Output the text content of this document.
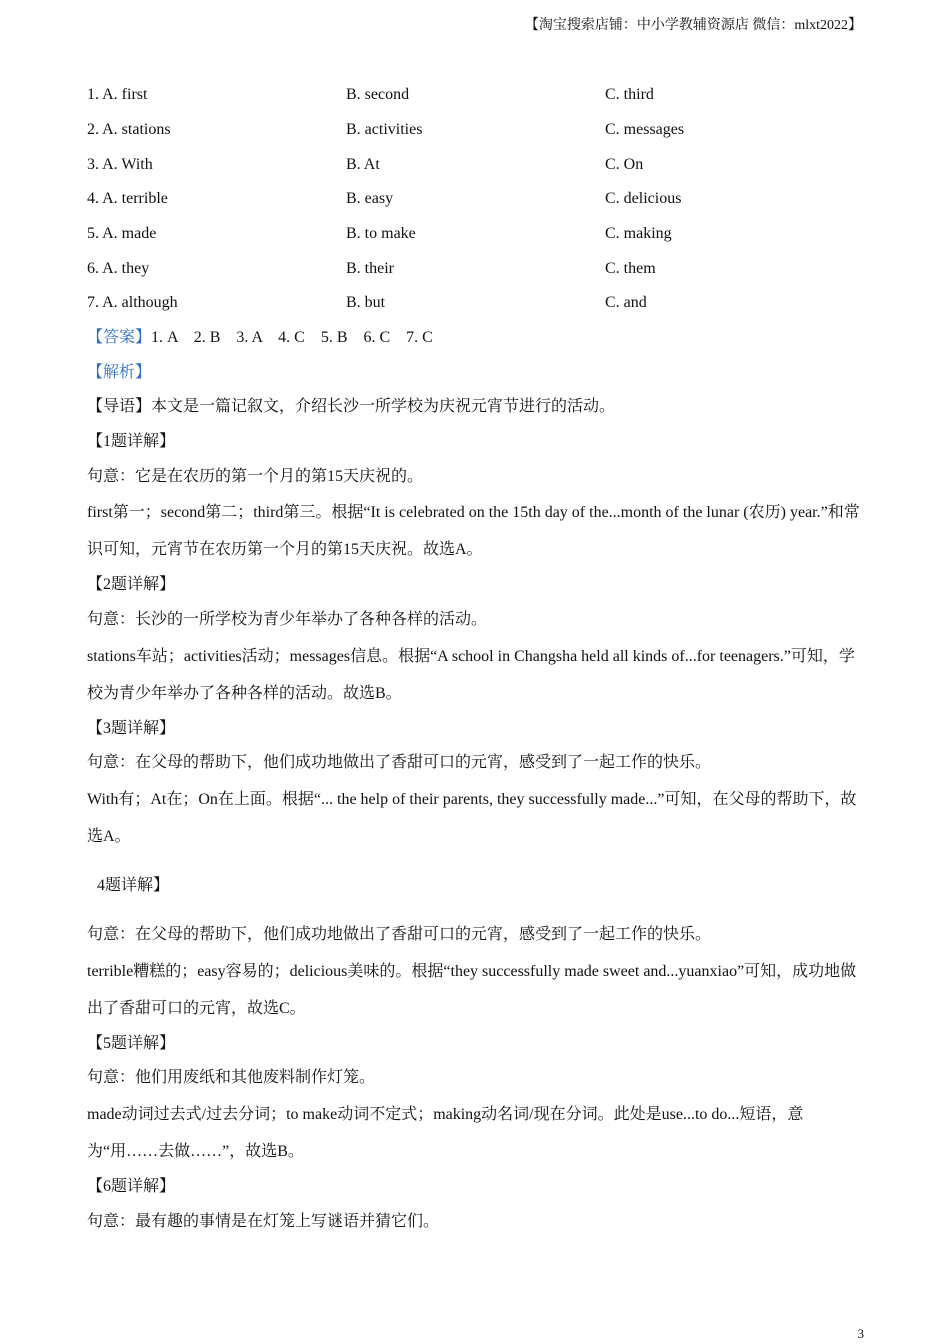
【淘宝搜索店铺：中小学教辅资源店 微信：mlxt2022】
1. A. first	B. second	C. third
2. A. stations	B. activities	C. messages
3. A. With	B. At	C. On
4. A. terrible	B. easy	C. delicious
5. A. made	B. to make	C. making
6. A. they	B. their	C. them
7. A. although	B. but	C. and
【答案】1. A    2. B    3. A    4. C    5. B    6. C    7. C
【解析】
【导语】本文是一篇记叙文，介绍长沙一所学校为庆祝元宵节进行的活动。
【1题详解】
句意：它是在农历的第一个月的第15天庆祝的。
first第一；second第二；third第三。根据“It is celebrated on the 15th day of the...month of the lunar (农历) year.”和常识可知，元宵节在农历第一个月的第15天庆祝。故选A。
【2题详解】
句意：长沙的一所学校为青少年举办了各种各样的活动。
stations车站；activities活动；messages信息。根据“A school in Changsha held all kinds of...for teenagers.”可知，学校为青少年举办了各种各样的活动。故选B。
【3题详解】
句意：在父母的帮助下，他们成功地做出了香甜可口的元宵，感受到了一起工作的快乐。
With有；At在；On在上面。根据“... the help of their parents, they successfully made...”可知，在父母的帮助下，故选A。
4题详解】
句意：在父母的帮助下，他们成功地做出了香甜可口的元宵，感受到了一起工作的快乐。
terrible糟糕的；easy容易的；delicious美味的。根据“they successfully made sweet and...yuanxiao”可知，成功地做出了香甜可口的元宵，故选C。
【5题详解】
句意：他们用废纸和其他废料制作灯笼。
made动词过去式/过去分词；to make动词不定式；making动名词/现在分词。此处是use...to do...短语，意为“用……去做……”，故选B。
【6题详解】
句意：最有趣的事情是在灯笼上写谜语并猜它们。
3
